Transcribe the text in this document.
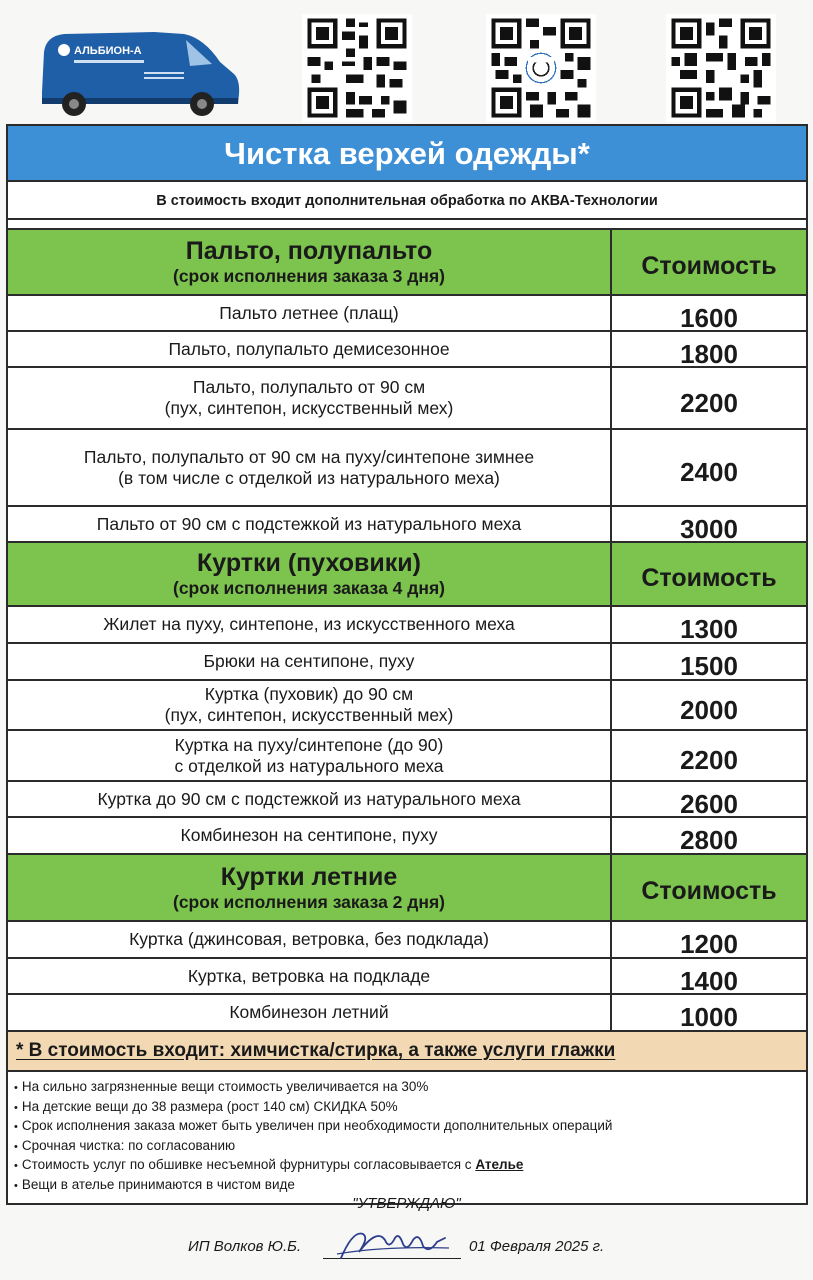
АЛЬБИОН-А
Чистка верхей одежды*
В стоимость входит дополнительная обработка по АКВА-Технологии
Пальто, полупальто
(срок исполнения заказа 3 дня)	Стоимость
Пальто летнее (плащ)	1600
Пальто, полупальто демисезонное	1800
Пальто, полупальто от 90 см
(пух, синтепон, искусственный мех)	2200
Пальто, полупальто от 90 см на пуху/синтепоне зимнее
(в том числе с отделкой из натурального меха)	2400
Пальто от 90 см с подстежкой из натурального меха	3000
Куртки (пуховики)
(срок исполнения заказа 4 дня)	Стоимость
Жилет на пуху, синтепоне, из искусственного меха	1300
Брюки на сентипоне, пуху	1500
Куртка (пуховик) до 90 см
(пух, синтепон, искусственный мех)	2000
Куртка на пуху/синтепоне (до 90)
с отделкой из натурального меха	2200
Куртка до 90 см с подстежкой из натурального меха	2600
Комбинезон на сентипоне, пуху	2800
Куртки летние
(срок исполнения заказа 2 дня)	Стоимость
Куртка (джинсовая, ветровка, без подклада)	1200
Куртка, ветровка на подкладе	1400
Комбинезон летний	1000
* В стоимость входит: химчистка/стирка, а также услуги глажки
• На сильно загрязненные вещи стоимость увеличивается на 30%
• На детские вещи до 38 размера (рост 140 см) СКИДКА 50%
• Срок исполнения заказа может быть увеличен при необходимости дополнительных операций
• Срочная чистка: по согласованию
• Стоимость услуг по обшивке несъемной фурнитуры согласовывается с Ателье
• Вещи в ателье принимаются в чистом виде
"УТВЕРЖДАЮ"
ИП Волков Ю.Б.	01 Февраля 2025 г.
